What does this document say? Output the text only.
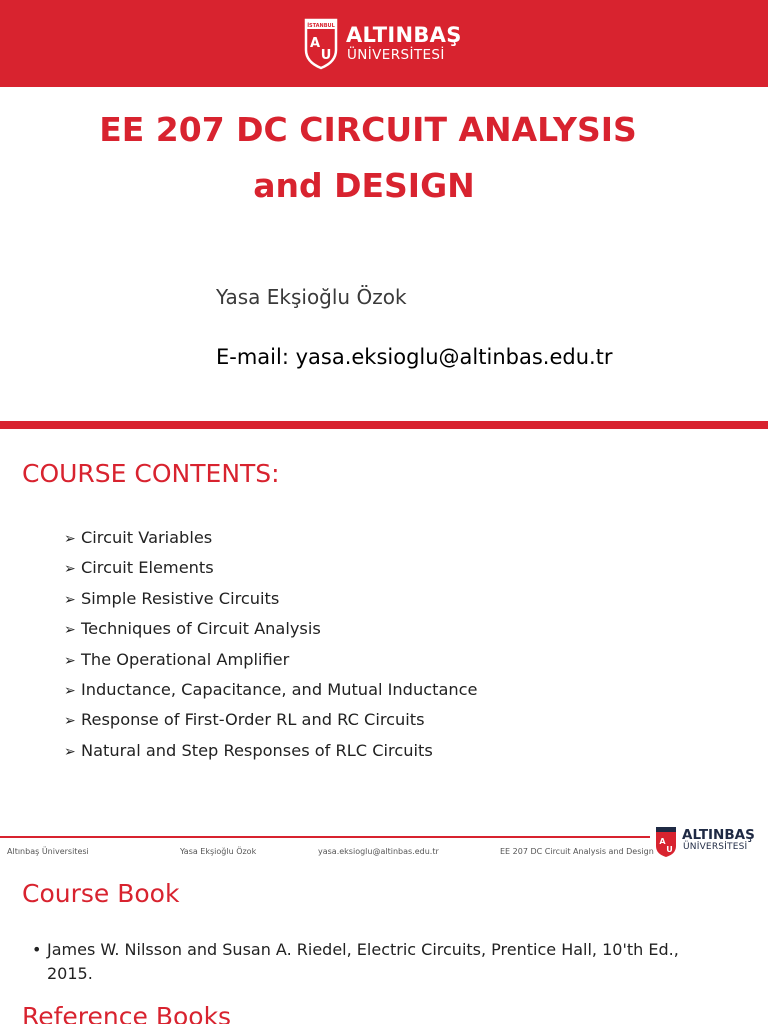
İSTANBUL
A
U
ALTINBAŞ
ÜNİVERSİTESİ
EE 207 DC CIRCUIT ANALYSIS
and DESIGN
Yasa Ekşioğlu Özok
E-mail: yasa.eksioglu@altinbas.edu.tr
COURSE CONTENTS:
➢ Circuit Variables
➢ Circuit Elements
➢ Simple Resistive Circuits
➢ Techniques of Circuit Analysis
➢ The Operational Amplifier
➢ Inductance, Capacitance, and Mutual Inductance
➢ Response of First-Order RL and RC Circuits
➢ Natural and Step Responses of RLC Circuits
Altınbaş Üniversitesi	Yasa Ekşioğlu Özok	yasa.eksioglu@altinbas.edu.tr	EE 207 DC Circuit Analysis and Design
A
U
ALTINBAŞ
ÜNİVERSİTESİ
Course Book
• James W. Nilsson and Susan A. Riedel, Electric Circuits, Prentice Hall, 10'th Ed.,
2015.
Reference Books
